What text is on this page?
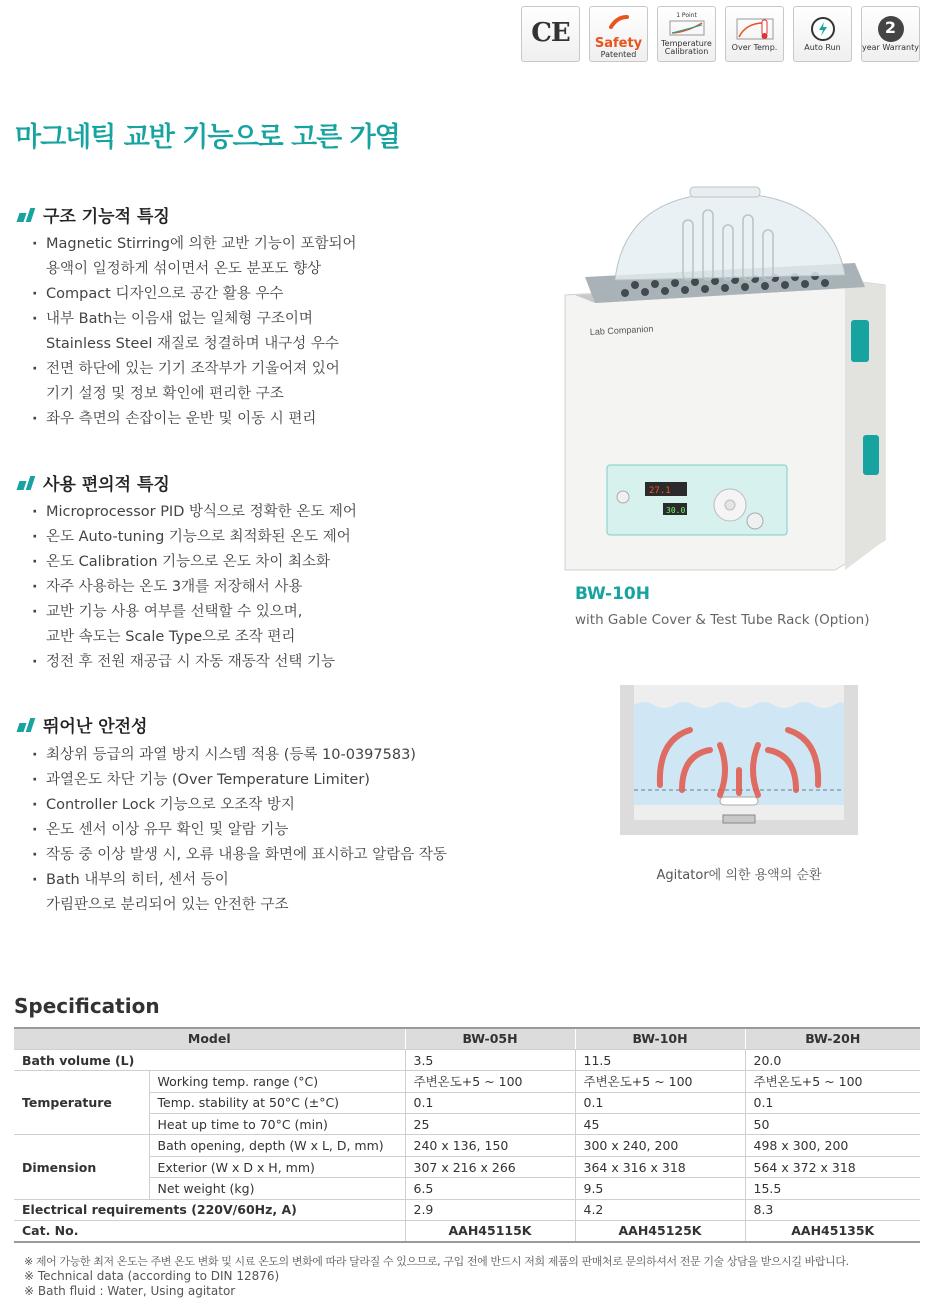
CE Safety
Patented
1 Point
Temperature Calibration	Over Temp.	Auto Run
2
year Warranty
마그네틱 교반 기능으로 고른 가열
구조 기능적 특징
· Magnetic Stirring에 의한 교반 기능이 포함되어
용액이 일정하게 섞이면서 온도 분포도 향상
· Compact 디자인으로 공간 활용 우수
· 내부 Bath는 이음새 없는 일체형 구조이며
Stainless Steel 재질로 청결하며 내구성 우수
· 전면 하단에 있는 기기 조작부가 기울어져 있어
기기 설정 및 정보 확인에 편리한 구조
· 좌우 측면의 손잡이는 운반 및 이동 시 편리
사용 편의적 특징
· Microprocessor PID 방식으로 정확한 온도 제어
· 온도 Auto-tuning 기능으로 최적화된 온도 제어
· 온도 Calibration 기능으로 온도 차이 최소화
· 자주 사용하는 온도 3개를 저장해서 사용
· 교반 기능 사용 여부를 선택할 수 있으며,
교반 속도는 Scale Type으로 조작 편리
· 정전 후 전원 재공급 시 자동 재동작 선택 기능
뛰어난 안전성
· 최상위 등급의 과열 방지 시스템 적용 (등록 10-0397583)
· 과열온도 차단 기능 (Over Temperature Limiter)
· Controller Lock 기능으로 오조작 방지
· 온도 센서 이상 유무 확인 및 알람 기능
· 작동 중 이상 발생 시, 오류 내용을 화면에 표시하고 알람음 작동
· Bath 내부의 히터, 센서 등이
가림판으로 분리되어 있는 안전한 구조
Lab Companion
27.1
30.0
BW-10H
with Gable Cover & Test Tube Rack (Option)
Agitator에 의한 용액의 순환
Specification
Model		BW-05H	BW-10H	BW-20H
Bath volume (L)		3.5	11.5	20.0
Temperature	Working temp. range (°C)	주변온도+5 ~ 100	주변온도+5 ~ 100	주변온도+5 ~ 100
	Temp. stability at 50°C (±°C)	0.1	0.1	0.1
	Heat up time to 70°C (min)	25	45	50
Dimension	Bath opening, depth (W x L, D, mm)	240 x 136, 150	300 x 240, 200	498 x 300, 200
	Exterior (W x D x H, mm)	307 x 216 x 266	364 x 316 x 318	564 x 372 x 318
	Net weight (kg)	6.5	9.5	15.5
Electrical requirements (220V/60Hz, A)		2.9	4.2	8.3
Cat. No.		AAH45115K	AAH45125K	AAH45135K
※ 제어 가능한 최저 온도는 주변 온도 변화 및 시료 온도의 변화에 따라 달라질 수 있으므로, 구입 전에 반드시 저희 제품의 판매처로 문의하셔서 전문 기술 상담을 받으시길 바랍니다.
※ Technical data (according to DIN 12876)
※ Bath fluid : Water, Using agitator
